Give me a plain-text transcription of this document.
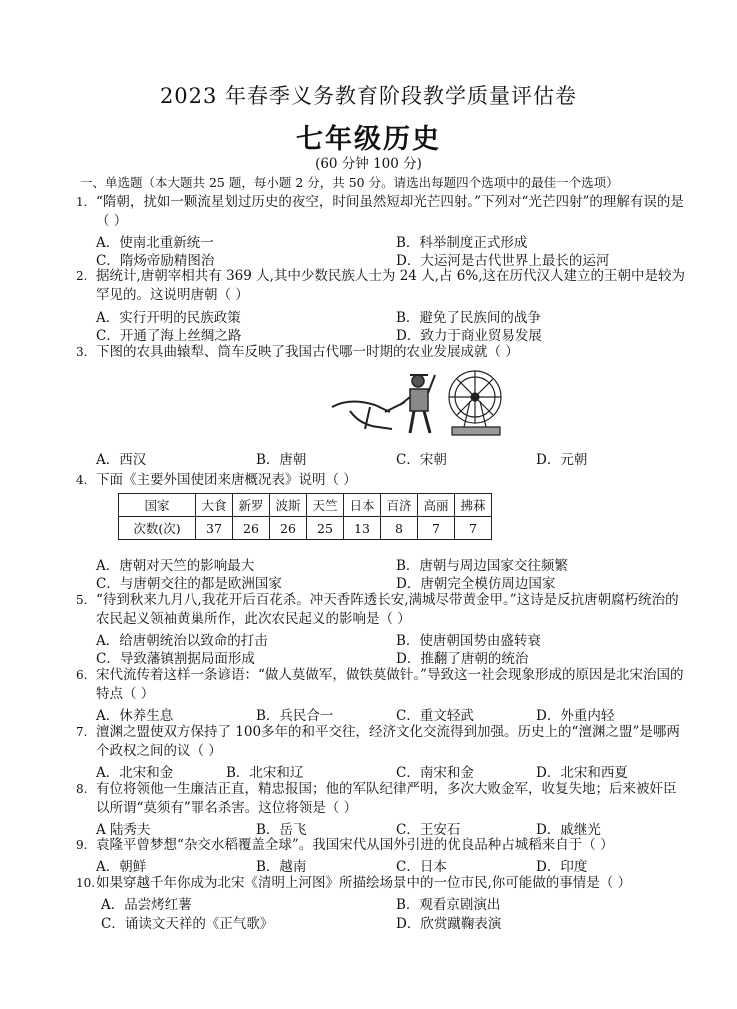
2023 年春季义务教育阶段教学质量评估卷
七年级历史
(60 分钟 100 分)
一、单选题（本大题共 25 题，每小题 2 分，共 50 分。请选出每题四个选项中的最佳一个选项）
1. “隋朝，扰如一颗流星划过历史的夜空，时间虽然短却光芒四射。”下列对“光芒四射”的理解有误的是（ ）
A．使南北重新统一	B．科举制度正式形成
C．隋炀帝励精图治	D．大运河是古代世界上最长的运河
2. 据统计,唐朝宰相共有 369 人,其中少数民族人士为 24 人,占 6%,这在历代汉人建立的王朝中是较为罕见的。这说明唐朝（ ）
A．实行开明的民族政策	B．避免了民族间的战争
C．开通了海上丝绸之路	D．致力于商业贸易发展
3. 下图的农具曲辕犁、筒车反映了我国古代哪一时期的农业发展成就（ ）
A．西汉	B．唐朝	C．宋朝	D．元朝
4. 下面《主要外国使团来唐概况表》说明（ ）
国家	大食	新罗	波斯	天竺	日本	百济	高丽	拂菻
次数(次)	37	26	26	25	13	8	7	7
A．唐朝对天竺的影响最大	B．唐朝与周边国家交往频繁
C．与唐朝交往的都是欧洲国家	D．唐朝完全模仿周边国家
5. “待到秋来九月八,我花开后百花杀。冲天香阵透长安,满城尽带黄金甲。”这诗是反抗唐朝腐朽统治的农民起义领袖黄巢所作，此次农民起义的影响是（ ）
A．给唐朝统治以致命的打击	B．使唐朝国势由盛转衰
C．导致藩镇割据局面形成	D．推翻了唐朝的统治
6. 宋代流传着这样一条谚语：“做人莫做军，做铁莫做针。”导致这一社会现象形成的原因是北宋治国的特点（ ）
A．休养生息	B．兵民合一	C．重文轻武	D．外重内轻
7. 澶渊之盟使双方保持了 100多年的和平交往，经济文化交流得到加强。历史上的“澶渊之盟”是哪两个政权之间的议（ ）
A．北宋和金	B．北宋和辽	C．南宋和金	D．北宋和西夏
8. 有位将领他一生廉洁正直，精忠报国；他的军队纪律严明，多次大败金军，收复失地；后来被奸臣以所谓“莫须有”罪名杀害。这位将领是（ ）
A 陆秀夫	B．岳飞	C．王安石	D．戚继光
9. 袁隆平曾梦想“杂交水稻覆盖全球”。我国宋代从国外引进的优良品种占城稻来自于（ ）
A．朝鲜	B．越南	C．日本	D．印度
10. 如果穿越千年你成为北宋《清明上河图》所描绘场景中的一位市民,你可能做的事情是（ ）
A．品尝烤红薯	B．观看京剧演出
C．诵读文天祥的《正气歌》	D．欣赏蹴鞠表演
